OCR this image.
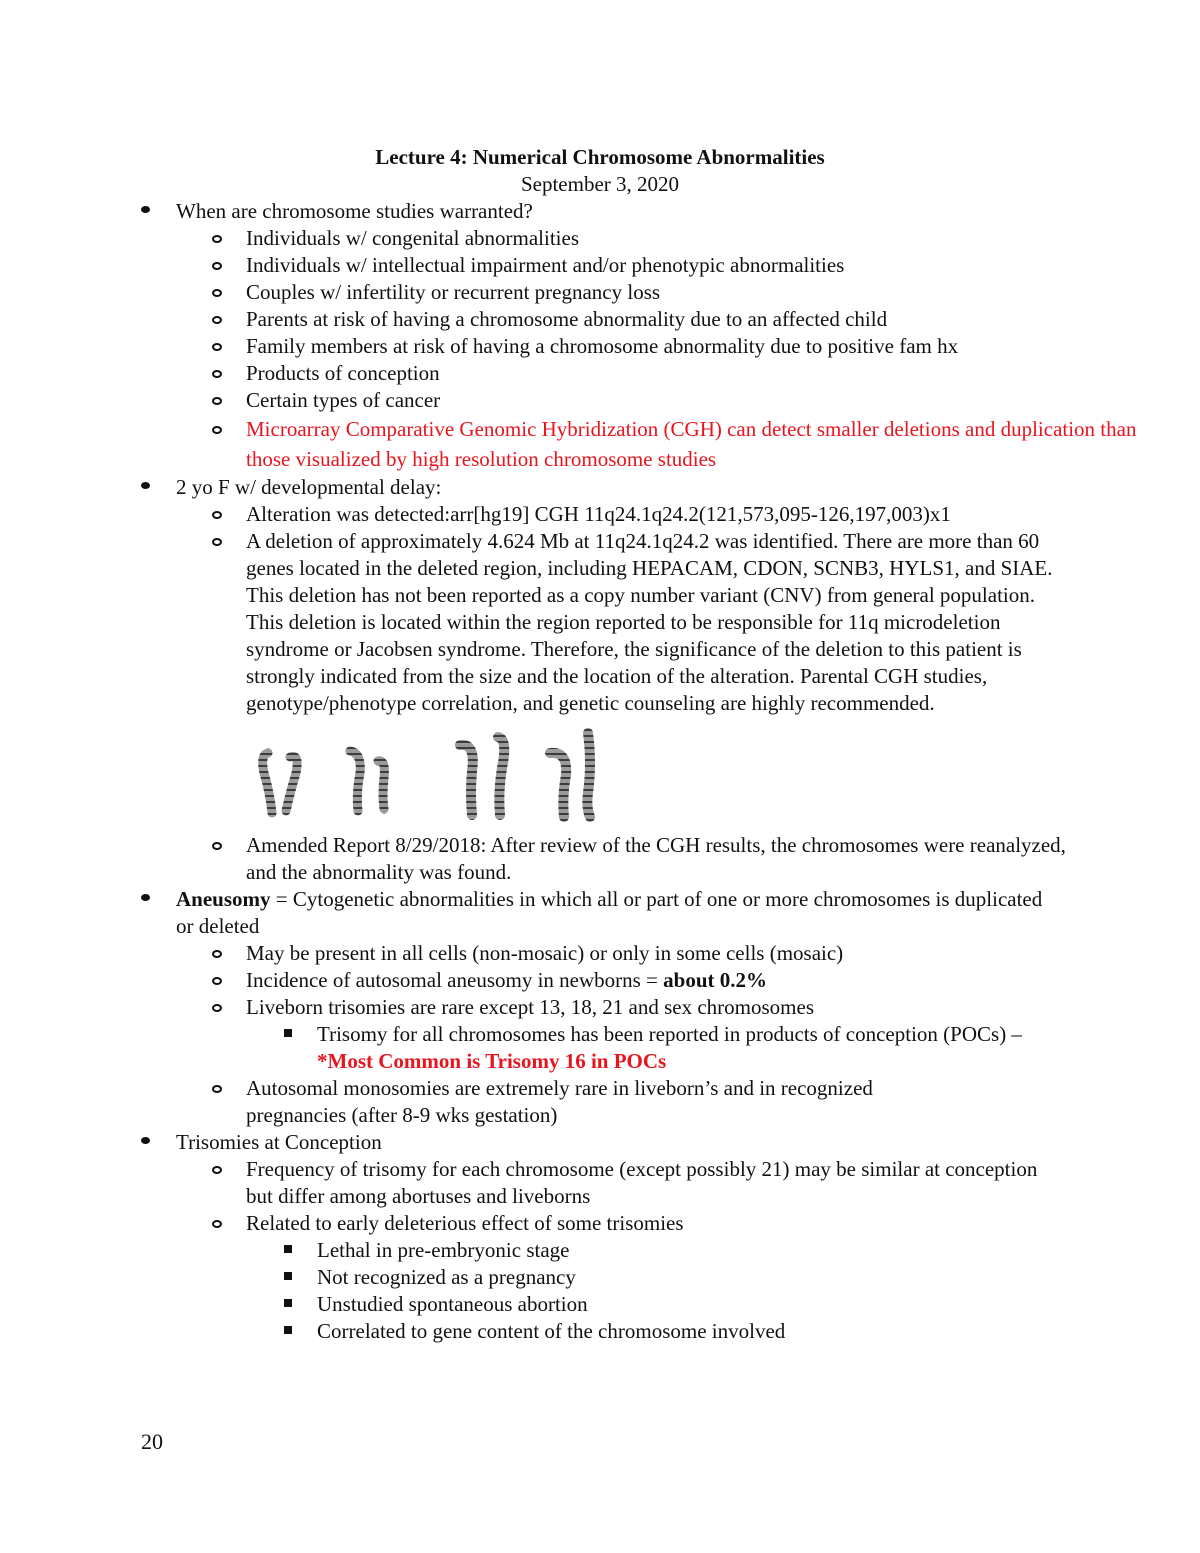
Lecture 4: Numerical Chromosome Abnormalities
September 3, 2020
When are chromosome studies warranted?
Individuals w/ congenital abnormalities
Individuals w/ intellectual impairment and/or phenotypic abnormalities
Couples w/ infertility or recurrent pregnancy loss
Parents at risk of having a chromosome abnormality due to an affected child
Family members at risk of having a chromosome abnormality due to positive fam hx
Products of conception
Certain types of cancer
Microarray Comparative Genomic Hybridization (CGH) can detect smaller deletions and duplication than those visualized by high resolution chromosome studies
2 yo F w/ developmental delay:
Alteration was detected:arr[hg19] CGH 11q24.1q24.2(121,573,095-126,197,003)x1
A deletion of approximately 4.624 Mb at 11q24.1q24.2 was identified. There are more than 60 genes located in the deleted region, including HEPACAM, CDON, SCNB3, HYLS1, and SIAE. This deletion has not been reported as a copy number variant (CNV) from general population. This deletion is located within the region reported to be responsible for 11q microdeletion syndrome or Jacobsen syndrome. Therefore, the significance of the deletion to this patient is strongly indicated from the size and the location of the alteration. Parental CGH studies, genotype/phenotype correlation, and genetic counseling are highly recommended.
Amended Report 8/29/2018: After review of the CGH results, the chromosomes were reanalyzed, and the abnormality was found.
Aneusomy = Cytogenetic abnormalities in which all or part of one or more chromosomes is duplicated or deleted
May be present in all cells (non-mosaic) or only in some cells (mosaic)
Incidence of autosomal aneusomy in newborns = about 0.2%
Liveborn trisomies are rare except 13, 18, 21 and sex chromosomes
Trisomy for all chromosomes has been reported in products of conception (POCs) – *Most Common is Trisomy 16 in POCs
Autosomal monosomies are extremely rare in liveborn’s and in recognized pregnancies (after 8-9 wks gestation)
Trisomies at Conception
Frequency of trisomy for each chromosome (except possibly 21) may be similar at conception but differ among abortuses and liveborns
Related to early deleterious effect of some trisomies
Lethal in pre-embryonic stage
Not recognized as a pregnancy
Unstudied spontaneous abortion
Correlated to gene content of the chromosome involved
20
